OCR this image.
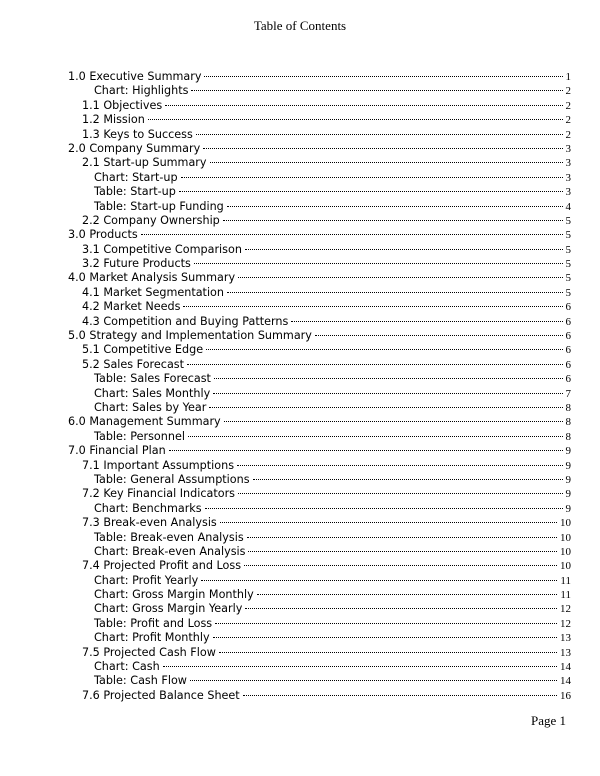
Table of Contents
1.0 Executive Summary	1
Chart: Highlights	2
1.1 Objectives	2
1.2 Mission	2
1.3 Keys to Success	2
2.0 Company Summary	3
2.1 Start-up Summary	3
Chart: Start-up	3
Table: Start-up	3
Table: Start-up Funding	4
2.2 Company Ownership	5
3.0 Products	5
3.1 Competitive Comparison	5
3.2 Future Products	5
4.0 Market Analysis Summary	5
4.1 Market Segmentation	5
4.2 Market Needs	6
4.3 Competition and Buying Patterns	6
5.0 Strategy and Implementation Summary	6
5.1 Competitive Edge	6
5.2 Sales Forecast	6
Table: Sales Forecast	6
Chart: Sales Monthly	7
Chart: Sales by Year	8
6.0 Management Summary	8
Table: Personnel	8
7.0 Financial Plan	9
7.1 Important Assumptions	9
Table: General Assumptions	9
7.2 Key Financial Indicators	9
Chart: Benchmarks	9
7.3 Break-even Analysis	10
Table: Break-even Analysis	10
Chart: Break-even Analysis	10
7.4 Projected Profit and Loss	10
Chart: Profit Yearly	11
Chart: Gross Margin Monthly	11
Chart: Gross Margin Yearly	12
Table: Profit and Loss	12
Chart: Profit Monthly	13
7.5 Projected Cash Flow	13
Chart: Cash	14
Table: Cash Flow	14
7.6 Projected Balance Sheet	16
Page 1
